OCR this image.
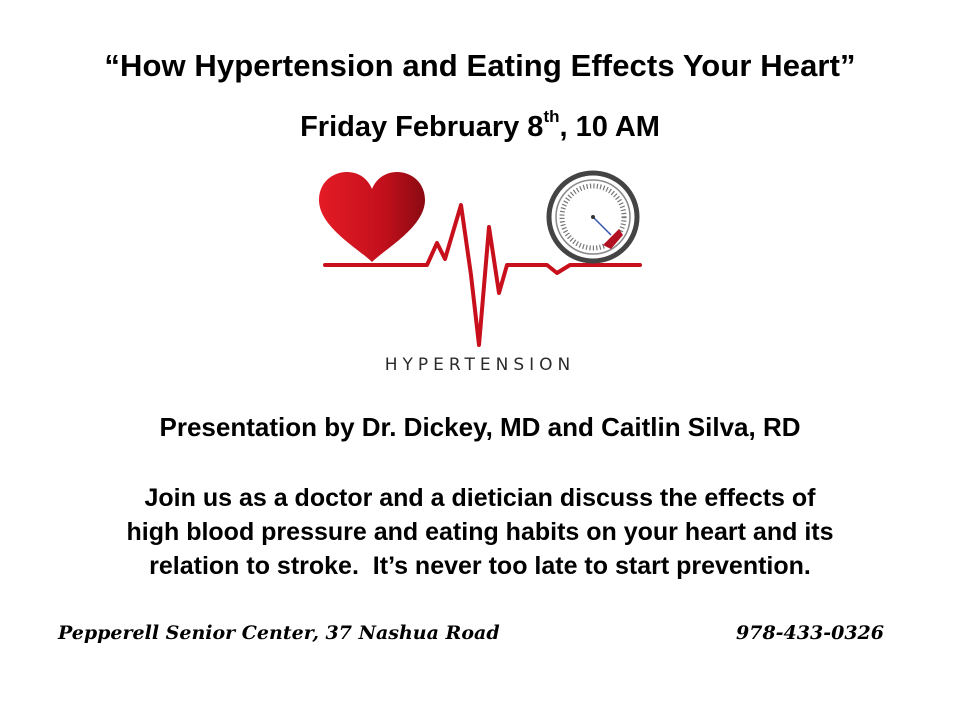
“How Hypertension and Eating Effects Your Heart”
Friday February 8th, 10 AM
HYPERTENSION
Presentation by Dr. Dickey, MD and Caitlin Silva, RD
Join us as a doctor and a dietician discuss the effects of
high blood pressure and eating habits on your heart and its
relation to stroke.  It’s never too late to start prevention.
Pepperell Senior Center, 37 Nashua Road	978-433-0326
